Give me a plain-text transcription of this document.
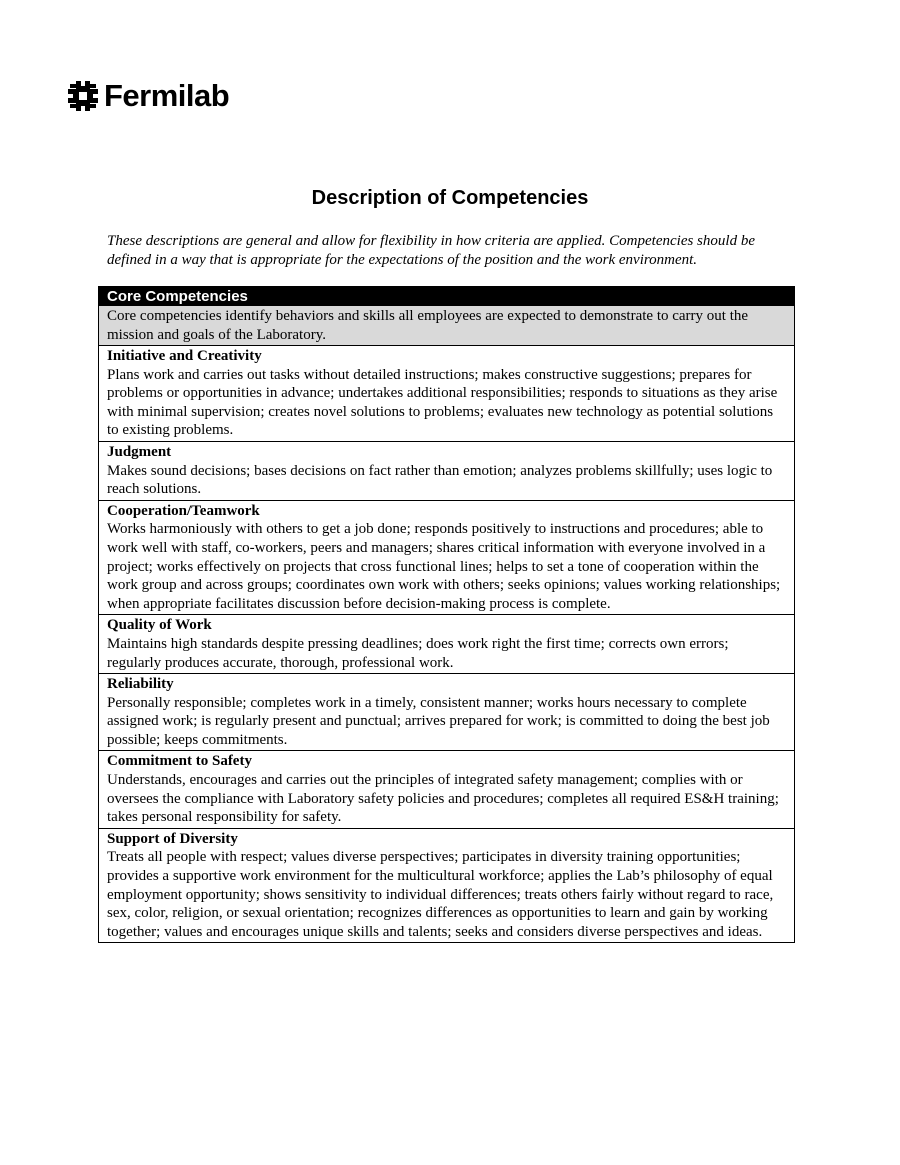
Fermilab
Description of Competencies
These descriptions are general and allow for flexibility in how criteria are applied. Competencies should be defined in a way that is appropriate for the expectations of the position and the work environment.
Core Competencies
Core competencies identify behaviors and skills all employees are expected to demonstrate to carry out the mission and goals of the Laboratory.
Initiative and Creativity
Plans work and carries out tasks without detailed instructions; makes constructive suggestions; prepares for problems or opportunities in advance; undertakes additional responsibilities; responds to situations as they arise with minimal supervision; creates novel solutions to problems; evaluates new technology as potential solutions to existing problems.
Judgment
Makes sound decisions; bases decisions on fact rather than emotion; analyzes problems skillfully; uses logic to reach solutions.
Cooperation/Teamwork
Works harmoniously with others to get a job done; responds positively to instructions and procedures; able to work well with staff, co-workers, peers and managers; shares critical information with everyone involved in a project; works effectively on projects that cross functional lines; helps to set a tone of cooperation within the work group and across groups; coordinates own work with others; seeks opinions; values working relationships; when appropriate facilitates discussion before decision-making process is complete.
Quality of Work
Maintains high standards despite pressing deadlines; does work right the first time; corrects own errors; regularly produces accurate, thorough, professional work.
Reliability
Personally responsible; completes work in a timely, consistent manner; works hours necessary to complete assigned work; is regularly present and punctual; arrives prepared for work; is committed to doing the best job possible; keeps commitments.
Commitment to Safety
Understands, encourages and carries out the principles of integrated safety management; complies with or oversees the compliance with Laboratory safety policies and procedures; completes all required ES&H training; takes personal responsibility for safety.
Support of Diversity
Treats all people with respect; values diverse perspectives; participates in diversity training opportunities; provides a supportive work environment for the multicultural workforce; applies the Lab’s philosophy of equal employment opportunity; shows sensitivity to individual differences; treats others fairly without regard to race, sex, color, religion, or sexual orientation; recognizes differences as opportunities to learn and gain by working together; values and encourages unique skills and talents; seeks and considers diverse perspectives and ideas.
